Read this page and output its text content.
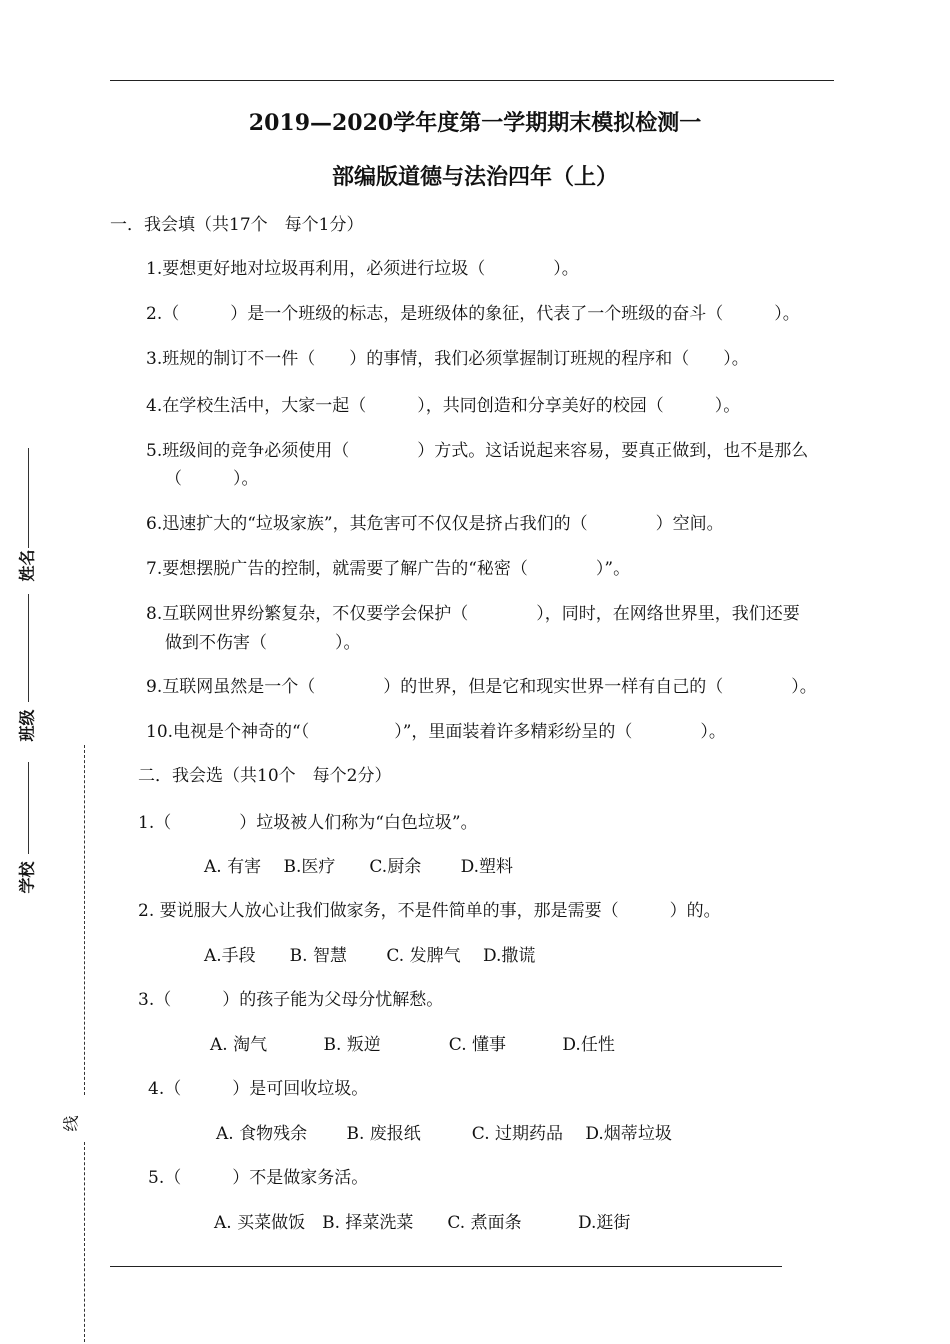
2019—2020学年度第一学期期末模拟检测一
部编版道德与法治四年（上）
一．我会填（共17个　每个1分）
1.要想更好地对垃圾再利用，必须进行垃圾（　　　　）。
2.（　　　）是一个班级的标志，是班级体的象征，代表了一个班级的奋斗（　　　）。
3.班规的制订不一件（　　）的事情，我们必须掌握制订班规的程序和（　　）。
4.在学校生活中，大家一起（　　　），共同创造和分享美好的校园（　　　）。
5.班级间的竞争必须使用（　　　　）方式。这话说起来容易，要真正做到，也不是那么
（　　　）。
6.迅速扩大的“垃圾家族”，其危害可不仅仅是挤占我们的（　　　　）空间。
7.要想摆脱广告的控制，就需要了解广告的“秘密（　　　　）”。
8.互联网世界纷繁复杂，不仅要学会保护（　　　　），同时，在网络世界里，我们还要
做到不伤害（　　　　）。
9.互联网虽然是一个（　　　　）的世界，但是它和现实世界一样有自己的（　　　　）。
10.电视是个神奇的“（　　　　　）”，里面装着许多精彩纷呈的（　　　　）。
二．我会选（共10个　每个2分）
1.（　　　　）垃圾被人们称为“白色垃圾”。
A. 有害　 B.医疗　　C.厨余　　 D.塑料
2. 要说服大人放心让我们做家务，不是件简单的事，那是需要（　　　）的。
A.手段　　B. 智慧　　 C. 发脾气　 D.撒谎
3.（　　　）的孩子能为父母分忧解愁。
A. 淘气　　　 B. 叛逆　　　　C. 懂事　　　 D.任性
4.（　　　）是可回收垃圾。
A. 食物残余　　 B. 废报纸　　　C. 过期药品　 D.烟蒂垃圾
5.（　　　）不是做家务活。
A. 买菜做饭　B. 择菜洗菜　　C. 煮面条　　　 D.逛街
姓名
班级
学校
线
